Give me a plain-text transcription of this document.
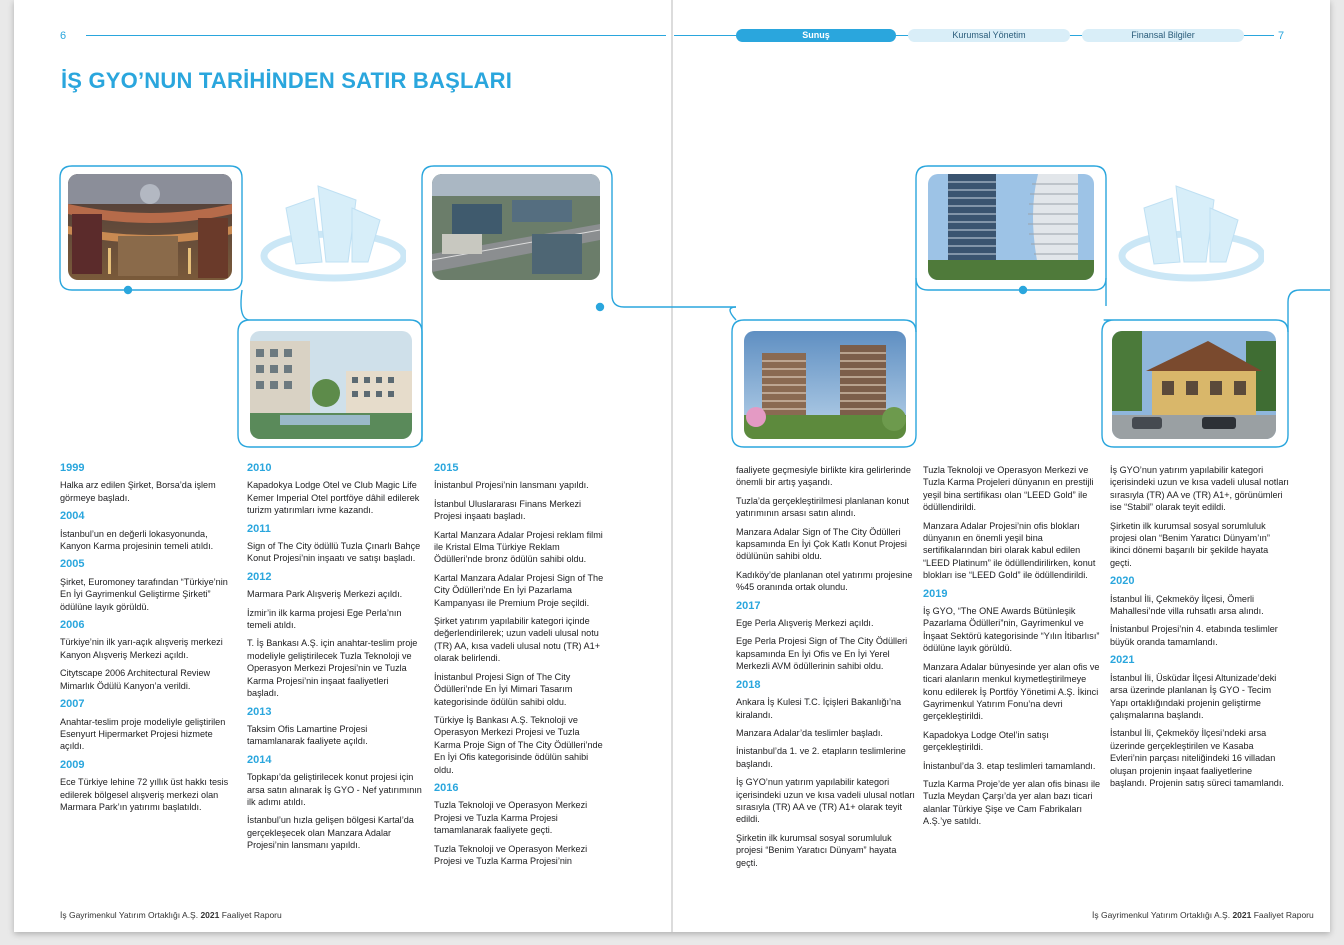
6	Sunuş	Kurumsal Yönetim	Finansal Bilgiler	7
İŞ GYO’NUN TARİHİNDEN SATIR BAŞLARI
1999

Halka arz edilen Şirket, Borsa’da işlem görmeye başladı.

2004

İstanbul’un en değerli lokasyonunda, Kanyon Karma projesinin temeli atıldı.

2005

Şirket, Euromoney tarafından “Türkiye’nin En İyi Gayrimenkul Geliştirme Şirketi” ödülüne layık görüldü.

2006

Türkiye’nin ilk yarı-açık alışveriş merkezi Kanyon Alışveriş Merkezi açıldı.

Citytscape 2006 Architectural Review Mimarlık Ödülü Kanyon’a verildi.

2007

Anahtar-teslim proje modeliyle geliştirilen Esenyurt Hipermarket Projesi hizmete açıldı.

2009

Ece Türkiye lehine 72 yıllık üst hakkı tesis edilerek bölgesel alışveriş merkezi olan Marmara Park’ın yatırımı başlatıldı.

2010

Kapadokya Lodge Otel ve Club Magic Life Kemer Imperial Otel portföye dâhil edilerek turizm yatırımları ivme kazandı.

2011

Sign of The City ödüllü Tuzla Çınarlı Bahçe Konut Projesi’nin inşaatı ve satışı başladı.

2012

Marmara Park Alışveriş Merkezi açıldı.

İzmir’in ilk karma projesi Ege Perla’nın temeli atıldı.

T. İş Bankası A.Ş. için anahtar-teslim proje modeliyle geliştirilecek Tuzla Teknoloji ve Operasyon Merkezi Projesi’nin ve Tuzla Karma Projesi’nin inşaat faaliyetleri başladı.

2013

Taksim Ofis Lamartine Projesi tamamlanarak faaliyete açıldı.

2014

Topkapı’da geliştirilecek konut projesi için arsa satın alınarak İş GYO - Nef yatırımının ilk adımı atıldı.

İstanbul’un hızla gelişen bölgesi Kartal’da gerçekleşecek olan Manzara Adalar Projesi’nin lansmanı yapıldı.

2015

İnistanbul Projesi’nin lansmanı yapıldı.

İstanbul Uluslararası Finans Merkezi Projesi inşaatı başladı.

Kartal Manzara Adalar Projesi reklam filmi ile Kristal Elma Türkiye Reklam Ödülleri’nde bronz ödülün sahibi oldu.

Kartal Manzara Adalar Projesi Sign of The City Ödülleri’nde En İyi Pazarlama Kampanyası ile Premium Proje seçildi.

Şirket yatırım yapılabilir kategori içinde değerlendirilerek; uzun vadeli ulusal notu (TR) AA, kısa vadeli ulusal notu (TR) A1+ olarak belirlendi.

İnistanbul Projesi Sign of The City Ödülleri’nde En İyi Mimari Tasarım kategorisinde ödülün sahibi oldu.

Türkiye İş Bankası A.Ş. Teknoloji ve Operasyon Merkezi Projesi ve Tuzla Karma Proje Sign of The City Ödülleri’nde En İyi Ofis kategorisinde ödülün sahibi oldu.

2016

Tuzla Teknoloji ve Operasyon Merkezi Projesi ve Tuzla Karma Projesi tamamlanarak faaliyete geçti.

Tuzla Teknoloji ve Operasyon Merkezi Projesi ve Tuzla Karma Projesi’nin

faaliyete geçmesiyle birlikte kira gelirlerinde önemli bir artış yaşandı.

Tuzla’da gerçekleştirilmesi planlanan konut yatırımının arsası satın alındı.

Manzara Adalar Sign of The City Ödülleri kapsamında En İyi Çok Katlı Konut Projesi ödülünün sahibi oldu.

Kadıköy’de planlanan otel yatırımı projesine %45 oranında ortak olundu.

2017

Ege Perla Alışveriş Merkezi açıldı.

Ege Perla Projesi Sign of The City Ödülleri kapsamında En İyi Ofis ve En İyi Yerel Merkezli AVM ödüllerinin sahibi oldu.

2018

Ankara İş Kulesi T.C. İçişleri Bakanlığı’na kiralandı.

Manzara Adalar’da teslimler başladı.

İnistanbul’da 1. ve 2. etapların teslimlerine başlandı.

İş GYO’nun yatırım yapılabilir kategori içerisindeki uzun ve kısa vadeli ulusal notları sırasıyla (TR) AA ve (TR) A1+ olarak teyit edildi.

Şirketin ilk kurumsal sosyal sorumluluk projesi “Benim Yaratıcı Dünyam” hayata geçti.

Tuzla Teknoloji ve Operasyon Merkezi ve Tuzla Karma Projeleri dünyanın en prestijli yeşil bina sertifikası olan “LEED Gold” ile ödüllendirildi.

Manzara Adalar Projesi’nin ofis blokları dünyanın en önemli yeşil bina sertifikalarından biri olarak kabul edilen “LEED Platinum” ile ödüllendirilirken, konut blokları ise “LEED Gold” ile ödüllendirildi.

2019

İş GYO, “The ONE Awards Bütünleşik Pazarlama Ödülleri”nin, Gayrimenkul ve İnşaat Sektörü kategorisinde “Yılın İtibarlısı” ödülüne layık görüldü.

Manzara Adalar bünyesinde yer alan ofis ve ticari alanların menkul kıymetleştirilmeye konu edilerek İş Portföy Yönetimi A.Ş. İkinci Gayrimenkul Yatırım Fonu’na devri gerçekleştirildi.

Kapadokya Lodge Otel’in satışı gerçekleştirildi.

İnistanbul’da 3. etap teslimleri tamamlandı.

Tuzla Karma Proje’de yer alan ofis binası ile Tuzla Meydan Çarşı’da yer alan bazı ticari alanlar Türkiye Şişe ve Cam Fabrikaları A.Ş.’ye satıldı.

İş GYO’nun yatırım yapılabilir kategori içerisindeki uzun ve kısa vadeli ulusal notları sırasıyla (TR) AA ve (TR) A1+, görünümleri ise “Stabil” olarak teyit edildi.

Şirketin ilk kurumsal sosyal sorumluluk projesi olan “Benim Yaratıcı Dünyam’ın” ikinci dönemi başarılı bir şekilde hayata geçti.

2020

İstanbul İli, Çekmeköy İlçesi, Ömerli Mahallesi’nde villa ruhsatlı arsa alındı.

İnistanbul Projesi’nin 4. etabında teslimler büyük oranda tamamlandı.

2021

İstanbul İli, Üsküdar İlçesi Altunizade’deki arsa üzerinde planlanan İş GYO - Tecim Yapı ortaklığındaki projenin geliştirme çalışmalarına başlandı.

İstanbul İli, Çekmeköy İlçesi’ndeki arsa üzerinde gerçekleştirilen ve Kasaba Evleri’nin parçası niteliğindeki 16 villadan oluşan projenin inşaat faaliyetlerine başlandı. Projenin satış süreci tamamlandı.

İş Gayrimenkul Yatırım Ortaklığı A.Ş. 2021 Faaliyet Raporu	İş Gayrimenkul Yatırım Ortaklığı A.Ş. 2021 Faaliyet Raporu
